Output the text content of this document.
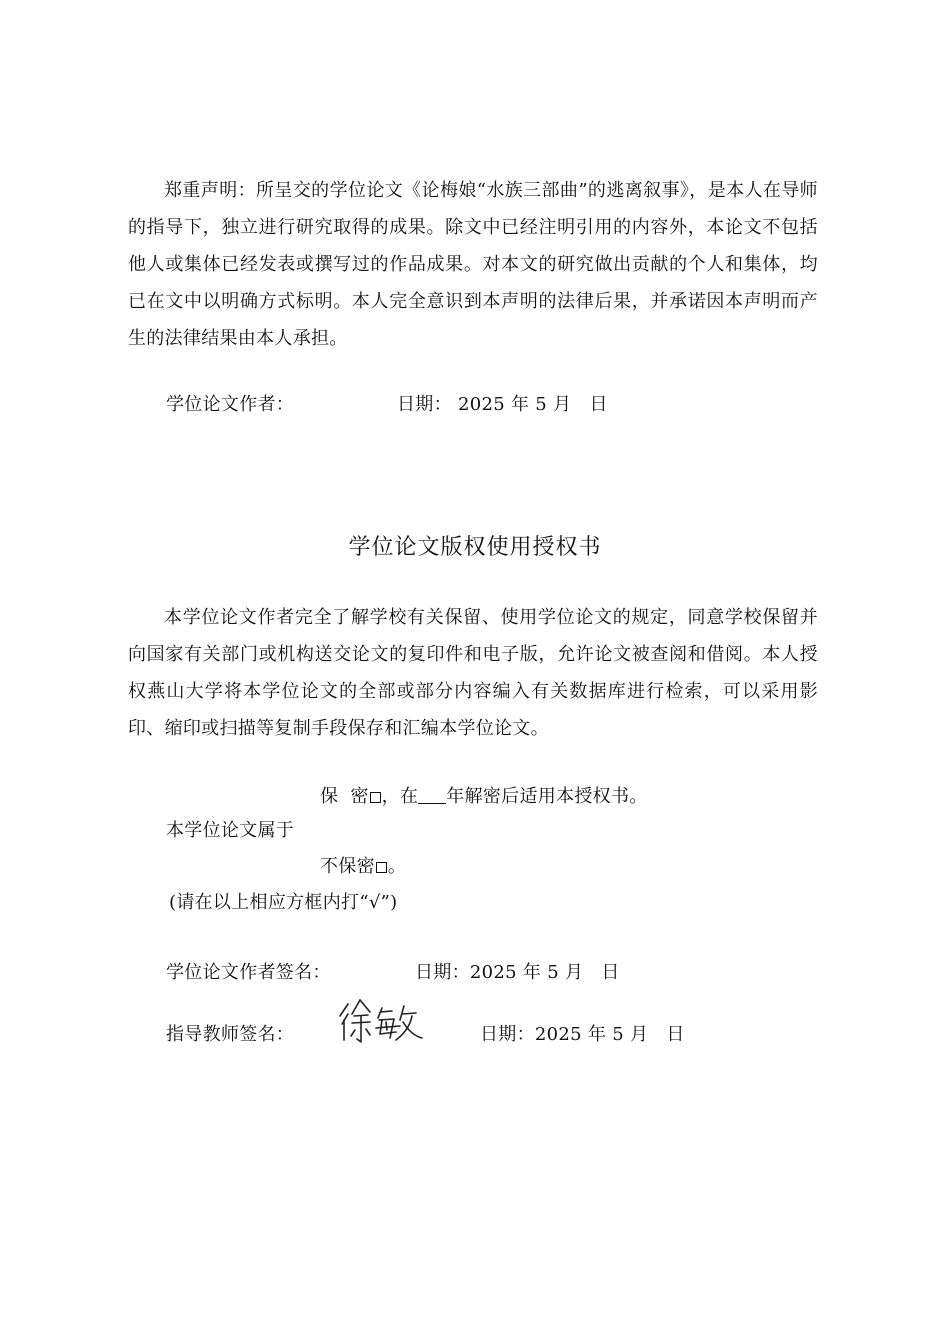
郑重声明：所呈交的学位论文《论梅娘“水族三部曲”的逃离叙事》，是本人在导师的指导下，独立进行研究取得的成果。除文中已经注明引用的内容外，本论文不包括他人或集体已经发表或撰写过的作品成果。对本文的研究做出贡献的个人和集体，均已在文中以明确方式标明。本人完全意识到本声明的法律后果，并承诺因本声明而产生的法律结果由本人承担。
学位论文作者：	日期： 2025 年 5 月 日
学位论文版权使用授权书
本学位论文作者完全了解学校有关保留、使用学位论文的规定，同意学校保留并向国家有关部门或机构送交论文的复印件和电子版，允许论文被查阅和借阅。本人授权燕山大学将本学位论文的全部或部分内容编入有关数据库进行检索，可以采用影印、缩印或扫描等复制手段保存和汇编本学位论文。
保  密 ，在 年解密后适用本授权书。
本学位论文属于
不保密 。
(请在以上相应方框内打“√”)
学位论文作者签名：	日期：2025 年 5 月 日
指导教师签名：	日期：2025 年 5 月 日
